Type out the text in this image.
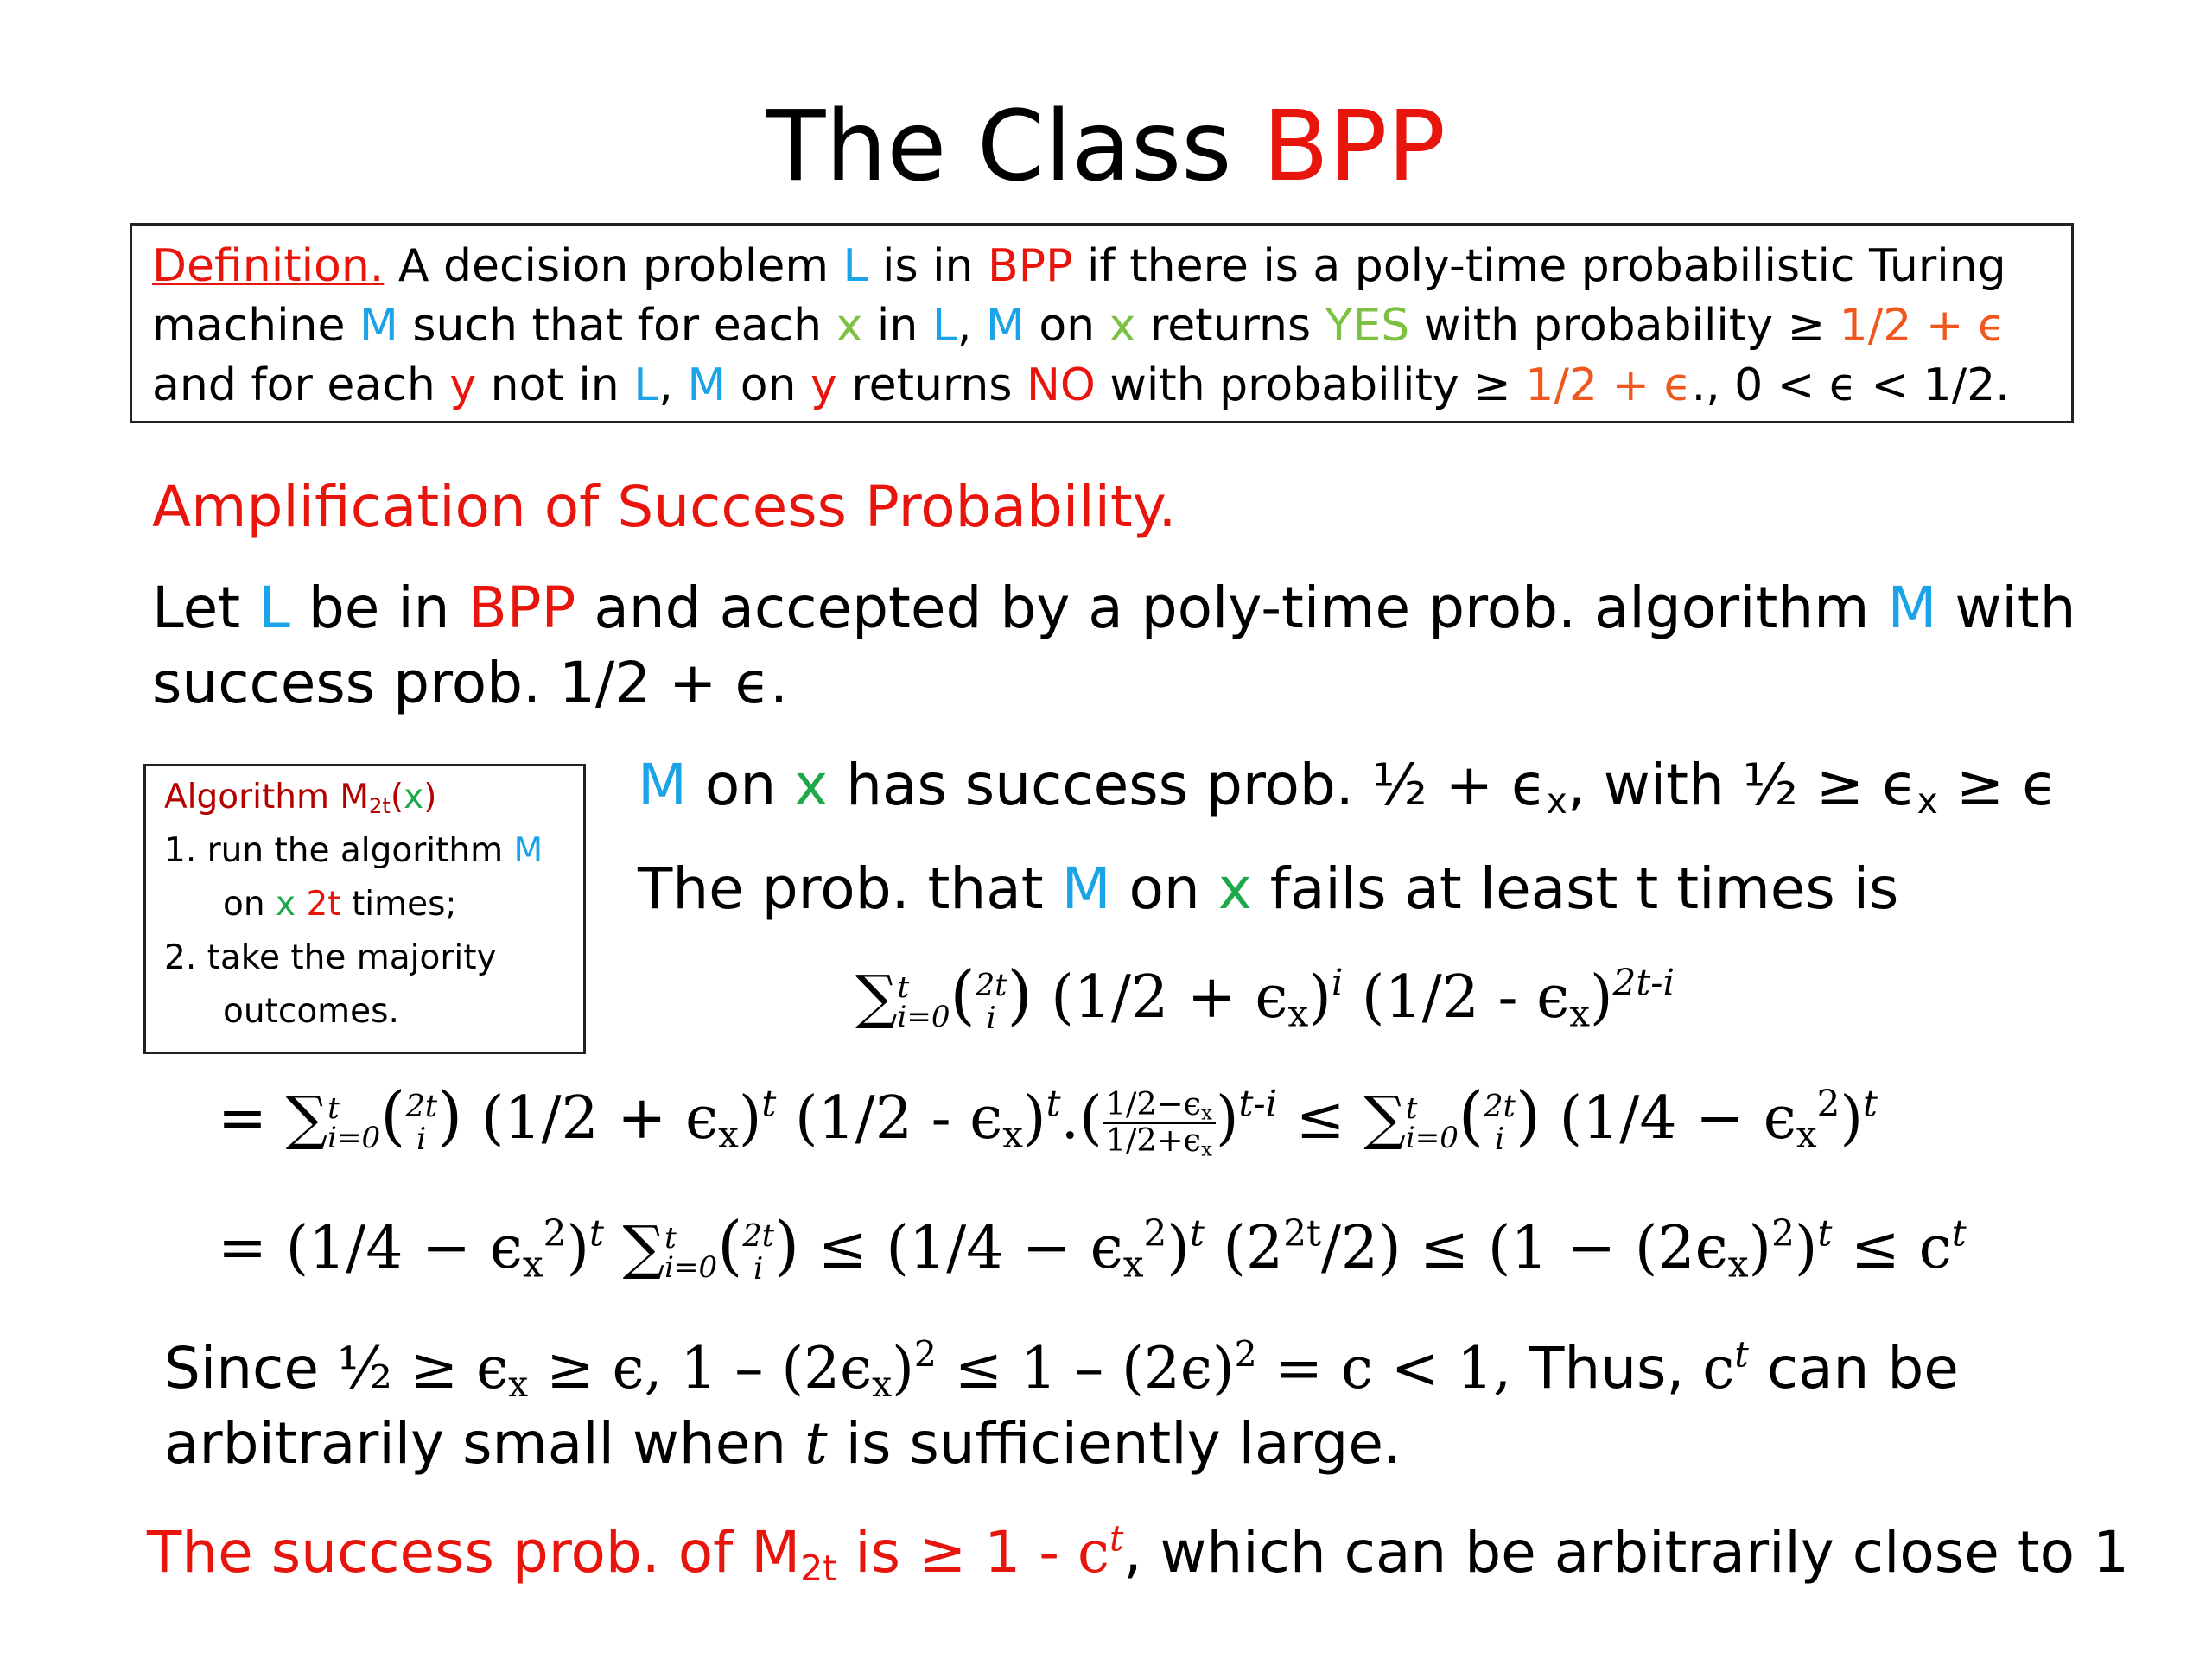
The Class BPP
Definition. A decision problem L is in BPP if there is a poly-time probabilistic Turing
machine M such that for each x in L, M on x returns YES with probability ≥ 1/2 + ϵ
and for each y not in L, M on y returns NO with probability ≥ 1/2 + ϵ., 0 < ϵ < 1/2.
Amplification of Success Probability.
Let L be in BPP and accepted by a poly-time prob. algorithm M with
success prob. 1/2 + ϵ.
Algorithm $M_{2t}(x)$
1. run the algorithm M
on x 2t times;
2. take the majority
outcomes.
M on x has success prob. ½ + $\epsilon_x$, with ½ ≥ $\epsilon_x \ge \epsilon$
The prob. that M on x fails at least t times is
∑ t
i=0 ( 2t
i ) $(1/2 + \epsilon_x)^i$ $(1/2 - \epsilon_x)^{2t-i}$
= ∑ t
i=0 ( 2t
i ) $(1/2 + \epsilon_x)^t$ $(1/2 - \epsilon_x)^t.( \frac{1/2-\epsilon_x}{1/2+\epsilon_x} )^{t-i}$ ≤ ∑ t
i=0 ( 2t
i ) $(1/4 - \epsilon_x^2)^t$
= $(1/4 - \epsilon_x^2)^t$ ∑ t
i=0 ( 2t
i ) ≤ $(1/4 - \epsilon_x^2)^t$ $(2^{2t}/2) \le (1 - (2\epsilon_x)^2)^t \le c^t$
Since ½ ≥ $\epsilon_x \ge \epsilon$, $1 - (2\epsilon_x)^2 \le 1 - (2\epsilon)^2 = c < 1$, Thus, $c^t$ can be
arbitrarily small when t is sufficiently large.
The success prob. of $M_{2t}$ is ≥ $1 - c^t$, which can be arbitrarily close to 1
